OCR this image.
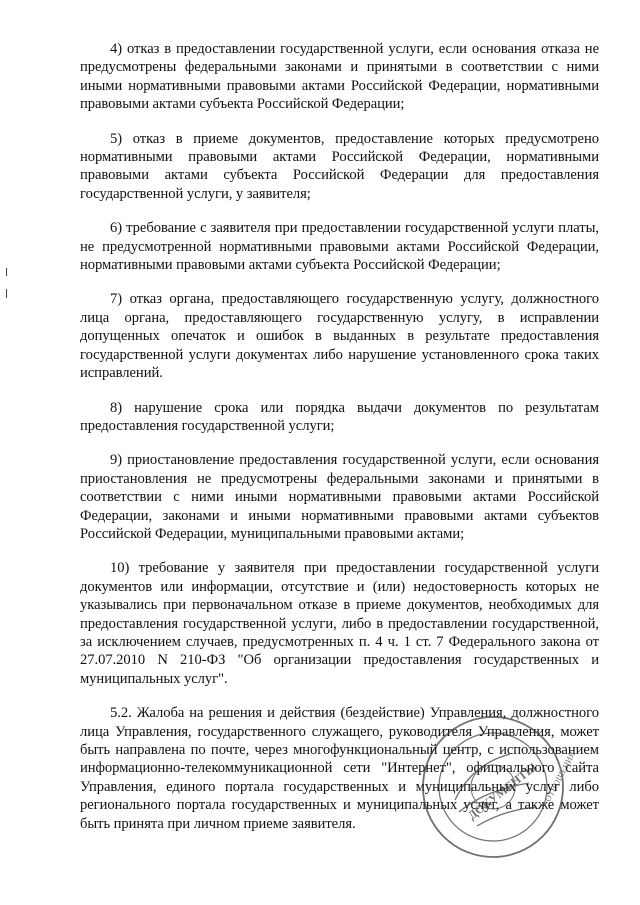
4) отказ в предоставлении государственной услуги, если основания отказа не предусмотрены федеральными законами и принятыми в соответствии с ними иными нормативными правовыми актами Российской Федерации, нормативными правовыми актами субъекта Российской Федерации;

5) отказ в приеме документов, предоставление которых предусмотрено нормативными правовыми актами Российской Федерации, нормативными правовыми актами субъекта Российской Федерации для предоставления государственной услуги, у заявителя;

6) требование с заявителя при предоставлении государственной услуги платы, не предусмотренной нормативными правовыми актами Российской Федерации, нормативными правовыми актами субъекта Российской Федерации;

7) отказ органа, предоставляющего государственную услугу, должностного лица органа, предоставляющего государственную услугу, в исправлении допущенных опечаток и ошибок в выданных в результате предоставления государственной услуги документах либо нарушение установленного срока таких исправлений.

8) нарушение срока или порядка выдачи документов по результатам предоставления государственной услуги;

9) приостановление предоставления государственной услуги, если основания приостановления не предусмотрены федеральными законами и принятыми в соответствии с ними иными нормативными правовыми актами Российской Федерации, законами и иными нормативными правовыми актами субъектов Российской Федерации, муниципальными правовыми актами;

10) требование у заявителя при предоставлении государственной услуги документов или информации, отсутствие и (или) недостоверность которых не указывались при первоначальном отказе в приеме документов, необходимых для предоставления государственной услуги, либо в предоставлении государственной, за исключением случаев, предусмотренных п. 4 ч. 1 ст. 7 Федерального закона от 27.07.2010 N 210-ФЗ "Об организации предоставления государственных и муниципальных услуг".

5.2. Жалоба на решения и действия (бездействие) Управления, должностного лица Управления, государственного служащего, руководителя Управления, может быть направлена по почте, через многофункциональный центр, с использованием информационно-телекоммуникационной сети "Интернет", официального сайта Управления, единого портала государственных и муниципальных услуг либо регионального портала государственных и муниципальных услуг, а также может быть принята при личном приеме заявителя.

ДОКУМЕНТЫ ОТНОШЕНИЯ
